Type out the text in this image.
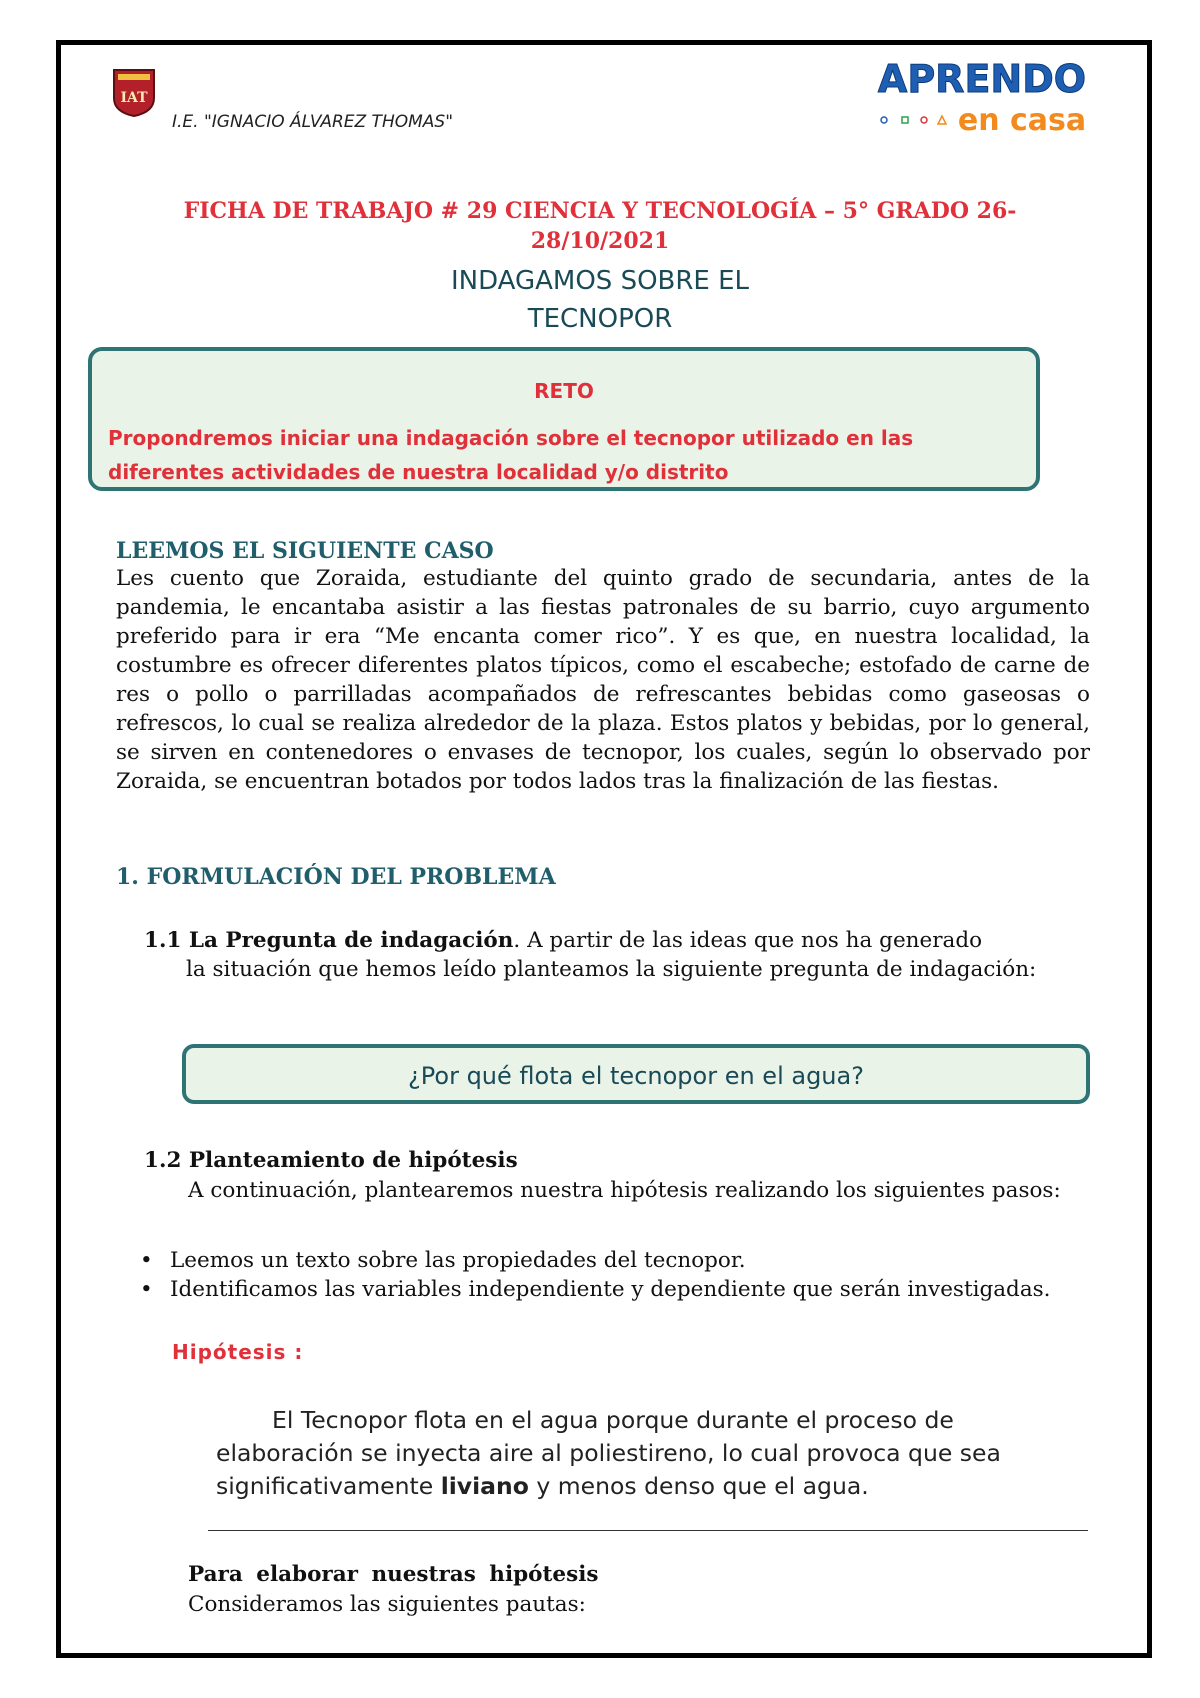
IAT
I.E. "IGNACIO ÁLVAREZ THOMAS"
APRENDO
en casa
FICHA DE TRABAJO # 29 CIENCIA Y TECNOLOGÍA – 5° GRADO 26-28/10/2021
INDAGAMOS SOBRE EL
TECNOPOR
RETO
Propondremos iniciar una indagación sobre el tecnopor utilizado en las diferentes actividades de nuestra localidad y/o distrito
LEEMOS EL SIGUIENTE CASO
Les cuento que Zoraida, estudiante del quinto grado de secundaria, antes de la pandemia, le encantaba asistir a las fiestas patronales de su barrio, cuyo argumento preferido para ir era “Me encanta comer rico”. Y es que, en nuestra localidad, la costumbre es ofrecer diferentes platos típicos, como el escabeche; estofado de carne de res o pollo o parrilladas acompañados de refrescantes bebidas como gaseosas o refrescos, lo cual se realiza alrededor de la plaza. Estos platos y bebidas, por lo general, se sirven en contenedores o envases de tecnopor, los cuales, según lo observado por Zoraida, se encuentran botados por todos lados tras la finalización de las fiestas.
1. FORMULACIÓN DEL PROBLEMA
1.1 La Pregunta de indagación. A partir de las ideas que nos ha generado
la situación que hemos leído planteamos la siguiente pregunta de indagación:
¿Por qué flota el tecnopor en el agua?
1.2 Planteamiento de hipótesis
A continuación, plantearemos nuestra hipótesis realizando los siguientes pasos:
• Leemos un texto sobre las propiedades del tecnopor.
• Identificamos las variables independiente y dependiente que serán investigadas.
Hipótesis :
El Tecnopor flota en el agua porque durante el proceso de elaboración se inyecta aire al poliestireno, lo cual provoca que sea significativamente liviano y menos denso que el agua.
Para elaborar nuestras hipótesis
Consideramos las siguientes pautas:
